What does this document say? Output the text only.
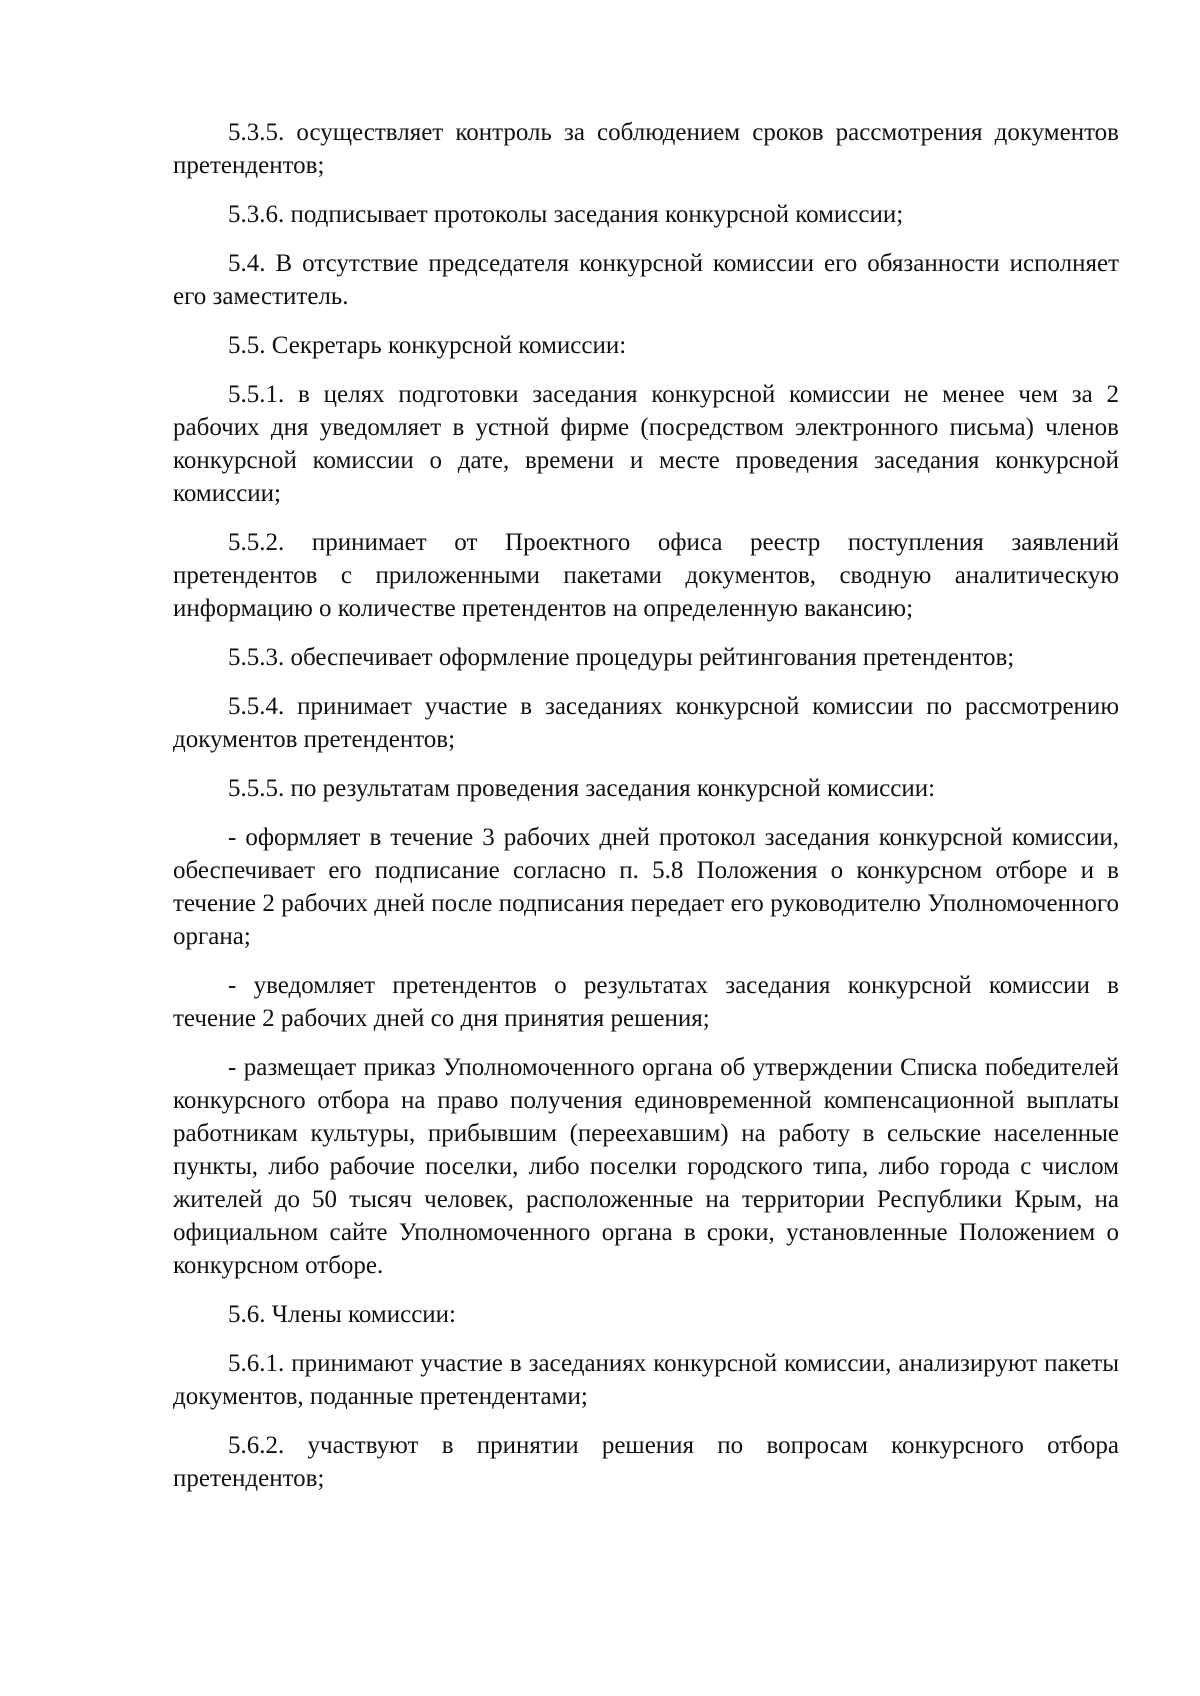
5.3.5. осуществляет контроль за соблюдением сроков рассмотрения документов претендентов;

5.3.6. подписывает протоколы заседания конкурсной комиссии;

5.4. В отсутствие председателя конкурсной комиссии его обязанности исполняет его заместитель.

5.5. Секретарь конкурсной комиссии:

5.5.1. в целях подготовки заседания конкурсной комиссии не менее чем за 2 рабочих дня уведомляет в устной фирме (посредством электронного письма) членов конкурсной комиссии о дате, времени и месте проведения заседания конкурсной комиссии;

5.5.2. принимает от Проектного офиса реестр поступления заявлений претендентов с приложенными пакетами документов, сводную аналитическую информацию о количестве претендентов на определенную вакансию;

5.5.3. обеспечивает оформление процедуры рейтингования претендентов;

5.5.4. принимает участие в заседаниях конкурсной комиссии по рассмотрению документов претендентов;

5.5.5. по результатам проведения заседания конкурсной комиссии:

- оформляет в течение 3 рабочих дней протокол заседания конкурсной комиссии, обеспечивает его подписание согласно п. 5.8 Положения о конкурсном отборе и в течение 2 рабочих дней после подписания передает его руководителю Уполномоченного органа;

- уведомляет претендентов о результатах заседания конкурсной комиссии в течение 2 рабочих дней со дня принятия решения;

- размещает приказ Уполномоченного органа об утверждении Списка победителей конкурсного отбора на право получения единовременной компенсационной выплаты работникам культуры, прибывшим (переехавшим) на работу в сельские населенные пункты, либо рабочие поселки, либо поселки городского типа, либо города с числом жителей до 50 тысяч человек, расположенные на территории Республики Крым, на официальном сайте Уполномоченного органа в сроки, установленные Положением о конкурсном отборе.

5.6. Члены комиссии:

5.6.1. принимают участие в заседаниях конкурсной комиссии, анализируют пакеты документов, поданные претендентами;

5.6.2. участвуют в принятии решения по вопросам конкурсного отбора претендентов;
